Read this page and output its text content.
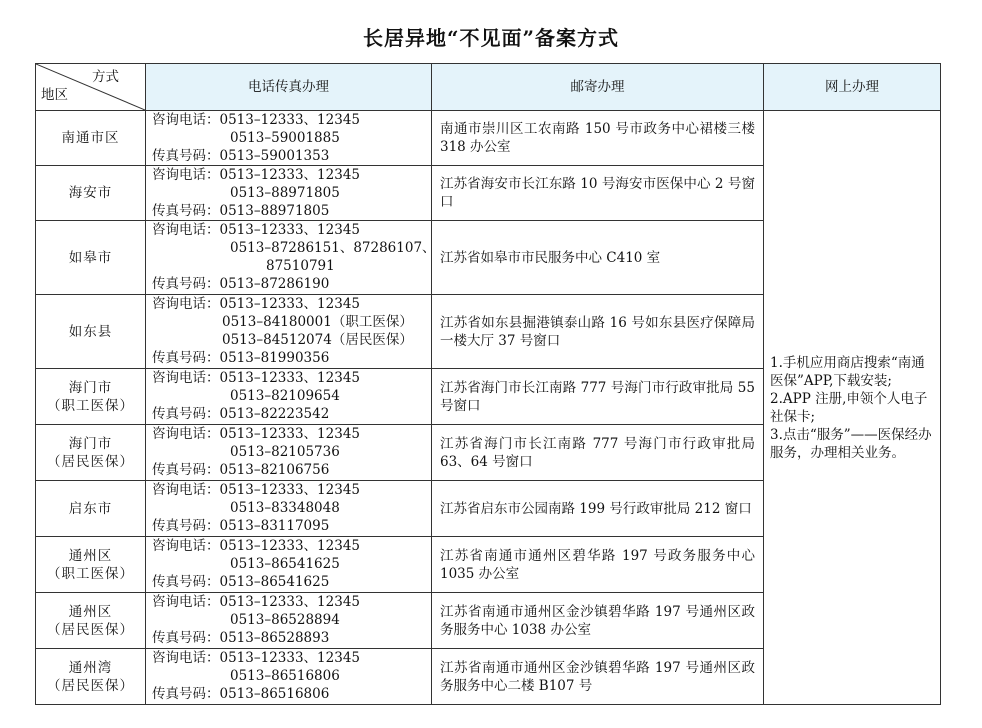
长居异地“不见面”备案方式
方式
地区	电话传真办理	邮寄办理	网上办理

南通市区	咨询电话：0513–12333、12345
0513–59001885
传真号码：0513–59001353	南通市崇川区工农南路 150 号市政务中心裙楼三楼 318 办公室	1.手机应用商店搜索“南通医保”APP,下载安装;
2.APP 注册,申领个人电子社保卡;
3.点击“服务”——医保经办服务，办理相关业务。

海安市	咨询电话：0513–12333、12345
0513–88971805
传真号码：0513–88971805	江苏省海安市长江东路 10 号海安市医保中心 2 号窗口	

如皋市	咨询电话：0513–12333、12345
0513–87286151、87286107、
87510791
传真号码：0513–87286190	江苏省如皋市市民服务中心 C410 室	

如东县	咨询电话：0513–12333、12345
0513–84180001（职工医保）
0513–84512074（居民医保）
传真号码：0513–81990356	江苏省如东县掘港镇泰山路 16 号如东县医疗保障局一楼大厅 37 号窗口	

海门市
（职工医保）	咨询电话：0513–12333、12345
0513–82109654
传真号码：0513–82223542	江苏省海门市长江南路 777 号海门市行政审批局 55 号窗口	

海门市
（居民医保）	咨询电话：0513–12333、12345
0513–82105736
传真号码：0513–82106756	江苏省海门市长江南路 777 号海门市行政审批局 63、64 号窗口	

启东市	咨询电话：0513–12333、12345
0513–83348048
传真号码：0513–83117095	江苏省启东市公园南路 199 号行政审批局 212 窗口	

通州区
（职工医保）	咨询电话：0513–12333、12345
0513–86541625
传真号码：0513–86541625	江苏省南通市通州区碧华路 197 号政务服务中心 1035 办公室	

通州区
（居民医保）	咨询电话：0513–12333、12345
0513–86528894
传真号码：0513–86528893	江苏省南通市通州区金沙镇碧华路 197 号通州区政务服务中心 1038 办公室	

通州湾
（居民医保）	咨询电话：0513–12333、12345
0513–86516806
传真号码：0513–86516806	江苏省南通市通州区金沙镇碧华路 197 号通州区政务服务中心二楼 B107 号	
